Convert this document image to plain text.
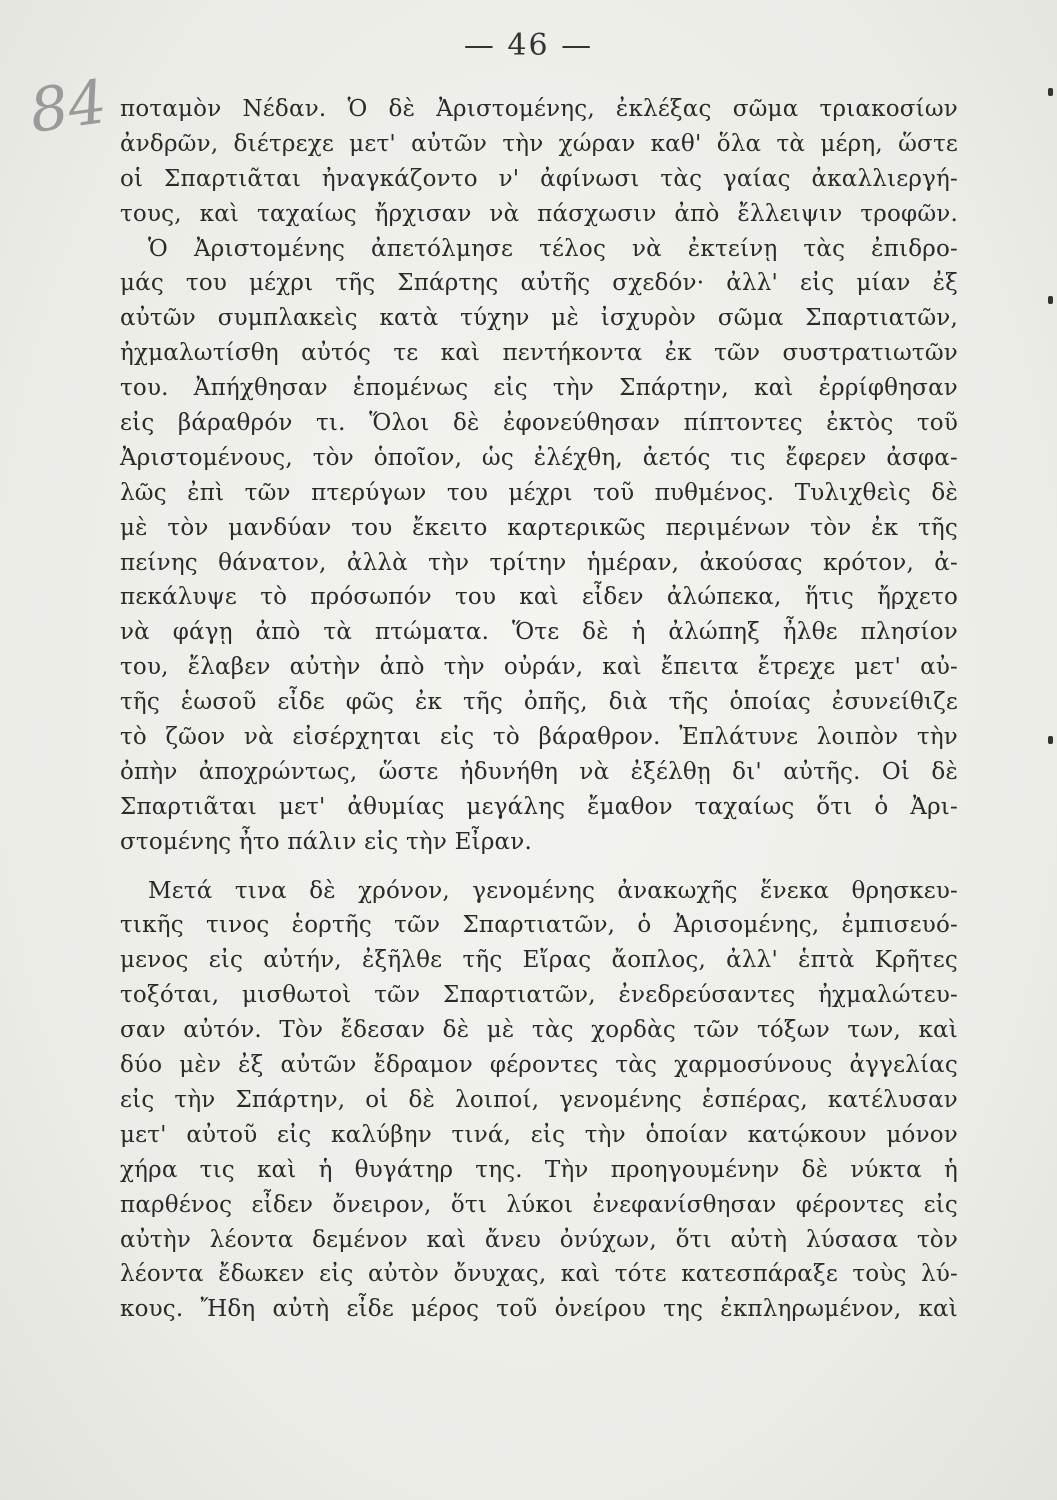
— 46 —
84 ποταμὸν Νέδαν. Ὁ δὲ Ἀριστομένης, ἐκλέξας σῶμα τριακοσίων
ἀνδρῶν, διέτρεχε μετ' αὐτῶν τὴν χώραν καθ' ὅλα τὰ μέρη, ὥστε
οἱ Σπαρτιᾶται ἠναγκάζοντο ν' ἀφίνωσι τὰς γαίας ἀκαλλιεργή-
τους, καὶ ταχαίως ἤρχισαν νὰ πάσχωσιν ἀπὸ ἔλλειψιν τροφῶν.
Ὁ Ἀριστομένης ἀπετόλμησε τέλος νὰ ἐκτείνῃ τὰς ἐπιδρο-
μάς του μέχρι τῆς Σπάρτης αὐτῆς σχεδόν· ἀλλ' εἰς μίαν ἐξ
αὐτῶν συμπλακεὶς κατὰ τύχην μὲ ἰσχυρὸν σῶμα Σπαρτιατῶν,
ἠχμαλωτίσθη αὐτός τε καὶ πεντήκοντα ἐκ τῶν συστρατιωτῶν
του. Ἀπήχθησαν ἑπομένως εἰς τὴν Σπάρτην, καὶ ἐρρίφθησαν
εἰς βάραθρόν τι. Ὅλοι δὲ ἐφονεύθησαν πίπτοντες ἐκτὸς τοῦ
Ἀριστομένους, τὸν ὁποῖον, ὡς ἐλέχθη, ἀετός τις ἔφερεν ἀσφα-
λῶς ἐπὶ τῶν πτερύγων του μέχρι τοῦ πυθμένος. Τυλιχθεὶς δὲ
μὲ τὸν μανδύαν του ἔκειτο καρτερικῶς περιμένων τὸν ἐκ τῆς
πείνης θάνατον, ἀλλὰ τὴν τρίτην ἡμέραν, ἀκούσας κρότον, ἀ-
πεκάλυψε τὸ πρόσωπόν του καὶ εἶδεν ἀλώπεκα, ἥτις ἤρχετο
νὰ φάγῃ ἀπὸ τὰ πτώματα. Ὅτε δὲ ἡ ἀλώπηξ ἦλθε πλησίον
του, ἔλαβεν αὐτὴν ἀπὸ τὴν οὐράν, καὶ ἔπειτα ἔτρεχε μετ' αὐ-
τῆς ἑωσοῦ εἶδε φῶς ἐκ τῆς ὀπῆς, διὰ τῆς ὁποίας ἐσυνείθιζε
τὸ ζῶον νὰ εἰσέρχηται εἰς τὸ βάραθρον. Ἐπλάτυνε λοιπὸν τὴν
ὀπὴν ἀποχρώντως, ὥστε ἠδυνήθη νὰ ἐξέλθῃ δι' αὐτῆς. Οἱ δὲ
Σπαρτιᾶται μετ' ἀθυμίας μεγάλης ἔμαθον ταχαίως ὅτι ὁ Ἀρι-
στομένης ἦτο πάλιν εἰς τὴν Εἶραν.
Μετά τινα δὲ χρόνον, γενομένης ἀνακωχῆς ἕνεκα θρησκευ-
τικῆς τινος ἑορτῆς τῶν Σπαρτιατῶν, ὁ Ἀρισομένης, ἐμπισευό-
μενος εἰς αὐτήν, ἐξῆλθε τῆς Εἴρας ἄοπλος, ἀλλ' ἑπτὰ Κρῆτες
τοξόται, μισθωτοὶ τῶν Σπαρτιατῶν, ἐνεδρεύσαντες ἠχμαλώτευ-
σαν αὐτόν. Τὸν ἔδεσαν δὲ μὲ τὰς χορδὰς τῶν τόξων των, καὶ
δύο μὲν ἐξ αὐτῶν ἔδραμον φέροντες τὰς χαρμοσύνους ἀγγελίας
εἰς τὴν Σπάρτην, οἱ δὲ λοιποί, γενομένης ἑσπέρας, κατέλυσαν
μετ' αὐτοῦ εἰς καλύβην τινά, εἰς τὴν ὁποίαν κατῴκουν μόνον
χήρα τις καὶ ἡ θυγάτηρ της. Τὴν προηγουμένην δὲ νύκτα ἡ
παρθένος εἶδεν ὄνειρον, ὅτι λύκοι ἐνεφανίσθησαν φέροντες εἰς
αὐτὴν λέοντα δεμένον καὶ ἄνευ ὀνύχων, ὅτι αὐτὴ λύσασα τὸν
λέοντα ἔδωκεν εἰς αὐτὸν ὄνυχας, καὶ τότε κατεσπάραξε τοὺς λύ-
κους. Ἤδη αὐτὴ εἶδε μέρος τοῦ ὀνείρου της ἐκπληρωμένον, καὶ
